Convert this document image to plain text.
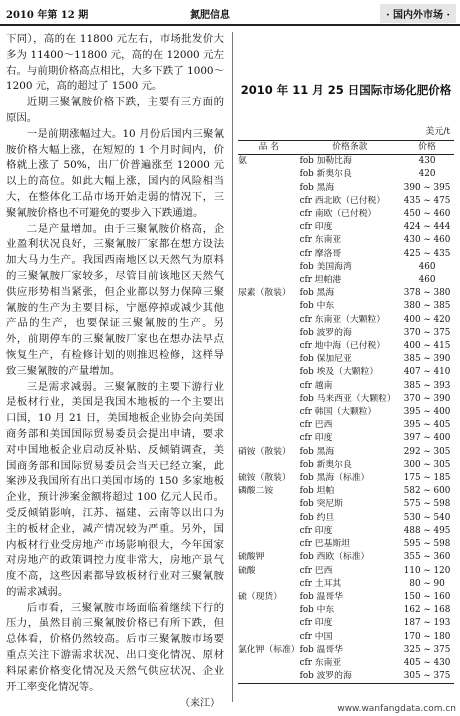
2010 年第 12 期	氮肥信息	· 国内外市场 ·

下同），高的在 11800 元左右，市场批发价大多为 11400～11800 元，高的在 12000 元左右。与前期价格高点相比，大多下跌了 1000～1200 元，高的超过了 1500 元。

近期三聚氰胺价格下跌，主要有三方面的原因。

一是前期涨幅过大。10 月份后国内三聚氰胺价格大幅上涨，在短短的 1 个月时间内，价格就上涨了 50%，出厂价普遍涨至 12000 元以上的高位。如此大幅上涨，国内的风险相当大，在整体化工品市场开始走弱的情况下，三聚氰胺价格也不可避免的要步入下跌通道。

二是产量增加。由于三聚氰胺价格高，企业盈利状况良好，三聚氰胺厂家都在想方设法加大马力生产。我国西南地区以天然气为原料的三聚氰胺厂家较多，尽管目前该地区天然气供应形势相当紧张，但企业都以努力保障三聚氰胺的生产为主要目标，宁愿停掉或减少其他产品的生产，也要保证三聚氰胺的生产。另外，前期停车的三聚氰胺厂家也在想办法早点恢复生产，有检修计划的则推迟检修，这样导致三聚氰胺的产量增加。

三是需求减弱。三聚氰胺的主要下游行业是板材行业，美国是我国木地板的一个主要出口国，10 月 21 日，美国地板企业协会向美国商务部和美国国际贸易委员会提出申请，要求对中国地板企业启动反补贴、反倾销调查，美国商务部和国际贸易委员会当天已经立案，此案涉及我国所有出口美国市场的 150 多家地板企业，预计涉案金额将超过 100 亿元人民币。受反倾销影响，江苏、福建、云南等以出口为主的板材企业，减产情况较为严重。另外，国内板材行业受房地产市场影响很大，今年国家对房地产的政策调控力度非常大，房地产景气度不高，这些因素都导致板材行业对三聚氰胺的需求减弱。

后市看，三聚氰胺市场面临着继续下行的压力，虽然目前三聚氰胺价格已有所下跌，但总体看，价格仍然较高。后市三聚氰胺市场要重点关注下游需求状况、出口变化情况、原材料尿素价格变化情况及天然气供应状况、企业开工率变化情况等。

（来江）
2010 年 11 月 25 日国际市场化肥价格
美元/t
品 名	价格条款	价格
氨	fob 加勒比海	430
	fob 新奥尔良	420
	fob 黑海	390 ~ 395
	cfr 西北欧（已付税）	435 ~ 475
	cfr 南欧（已付税）	450 ~ 460
	cfr 印度	424 ~ 444
	cfr 东南亚	430 ~ 460
	cfr 摩洛哥	425 ~ 435
	fob 美国海湾	460
	cfr 坦帕港	460
尿素（散装）	fob 黑海	378 ~ 380
	fob 中东	380 ~ 385
	cfr 东南亚（大颗粒）	400 ~ 420
	fob 波罗的海	370 ~ 375
	cfr 地中海（已付税）	400 ~ 415
	fob 保加尼亚	385 ~ 390
	fob 埃及（大颗粒）	407 ~ 410
	cfr 越南	385 ~ 393
	fob 马来西亚（大颗粒）	370 ~ 390
	cfr 韩国（大颗粒）	395 ~ 400
	cfr 巴西	395 ~ 405
	cfr 印度	397 ~ 400
硝铵（散装）	fob 黑海	292 ~ 305
	fob 新奥尔良	300 ~ 305
硫铵（散装）	fob 黑海（标准）	175 ~ 185
磷酸二铵	fob 坦帕	582 ~ 600
	fob 突尼斯	575 ~ 598
	fob 约旦	530 ~ 540
	cfr 印度	488 ~ 495
	cfr 巴基斯坦	595 ~ 598
硫酸钾	fob 西欧（标准）	355 ~ 360
硫酸	cfr 巴西	110 ~ 120
	cfr 土耳其	80 ~ 90
硫（现货）	fob 温哥华	150 ~ 160
	fob 中东	162 ~ 168
	cfr 印度	187 ~ 193
	cfr 中国	170 ~ 180
氯化钾（标准）	fob 温哥华	325 ~ 375
	cfr 东南亚	405 ~ 430
	fob 波罗的海	305 ~ 375
www.wanfangdata.com.cn
